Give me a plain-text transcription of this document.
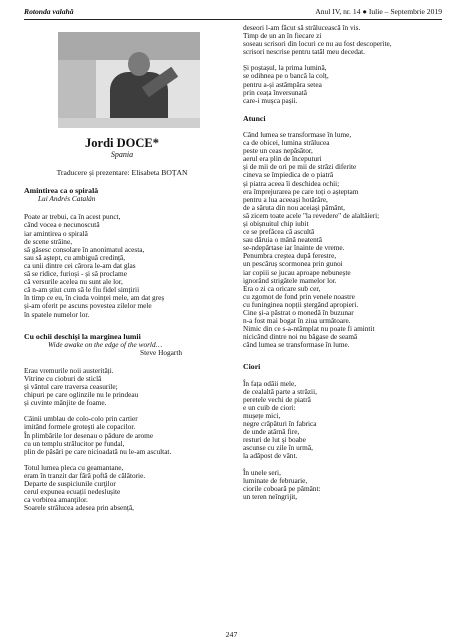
Rotonda valahă	Anul IV, nr. 14 ● Iulie – Septembrie 2019
Jordi DOCE*
Spania
Traducere și prezentare: Elisabeta BOȚAN
Amintirea ca o spirală
Lui Andrés Catalán
Poate ar trebui, ca în acest punct,
când vocea e necunoscută
iar amintirea o spirală
de scene străine,
să găsesc consolare în anonimatul acesta,
sau să aștept, cu ambiguă credință,
ca unii dintre cei cărora le-am dat glas
să se ridice, furioși - și să proclame
că versurile acelea nu sunt ale lor,
că n-am știut cum să le fiu fidel simțirii
în timp ce eu, în ciuda voinței mele, am dat greș
și-am oferit pe ascuns povestea zilelor mele
în spatele numelor lor.
Cu ochii deschiși la marginea lumii
Wide awake on the edge of the world…
Steve Hogarth
Erau vremurile noii austerități.
Vitrine cu cioburi de sticlă
și vântul care traversa ceasurile;
chipuri pe care oglinzile nu le prindeau
și cuvinte mânjite de foame.
Câinii umblau de colo-colo prin cartier
imitând formele groteşti ale copacilor.
În plimbările lor desenau o pădure de arome
cu un templu strălucitor pe fundal,
plin de păsări pe care nicioadată nu le-am ascultat.
Totul lumea pleca cu geamantane,
eram în tranzit dar fără poftă de călătorie.
Departe de suspiciunile curţilor
cerul expunea ecuații nedeslușite
ca vorbirea amanţilor.
Soarele strălucea adesea prin absență,
deseori l-am făcut să strălucească în vis.
Timp de un an în fiecare zi
soseau scrisori din locuri ce nu au fost descoperite,
scrisori nescrise pentru tatăl meu decedat.
Și poștașul, la prima lumină,
se odihnea pe o bancă la colț,
pentru a-și astâmpăra setea
prin ceața înversunată
care-i mușca pașii.
Atunci
Când lumea se transformase în lume,
ca de obicei, lumina strălucea
peste un ceas nepăsător,
aerul era plin de începuturi
și de mii de ori pe mii de străzi diferite
cineva se împiedica de o piatră
și piatra aceea îi deschidea ochii;
era împrejurarea pe care toți o așteptam
pentru a lua aceeași hotărâre,
de a săruta din nou aceiași pământ,
să zicem toate acele "la revedere" de alaltăieri;
și obișnuitul chip iubit
ce se prefăcea că ascultă
sau dăruia o mână neatentă
se-ndepărtase iar înainte de vreme.
Penumbra creștea după ferestre,
un pescăruș scormonea prin gunoi
iar copiii se jucau aproape nebunește
ignorând strigătele mamelor lor.
Era o zi ca oricare sub cer,
cu zgomot de fond prin venele noastre
cu funinginea nopții ștergând apropieri.
Cine și-a păstrat o monedă în buzunar
n-a fost mai bogat în ziua următoare.
Nimic din ce s-a-ntâmplat nu poate fi amintit
nicicând dintre noi nu băgase de seamă
când lumea se transformase în lume.
Ciori
În fața odăii mele,
de cealaltă parte a străzii,
peretele vechi de piatră
e un cuib de ciori:
mușețe mici,
negre crăpături în fabrica
de unde atârnă fire,
resturi de lut și boabe
ascunse cu zile în urmă,
la adăpost de vânt.
În unele seri,
luminate de februarie,
ciorile coboară pe pământ:
un teren neîngrijit,
247
